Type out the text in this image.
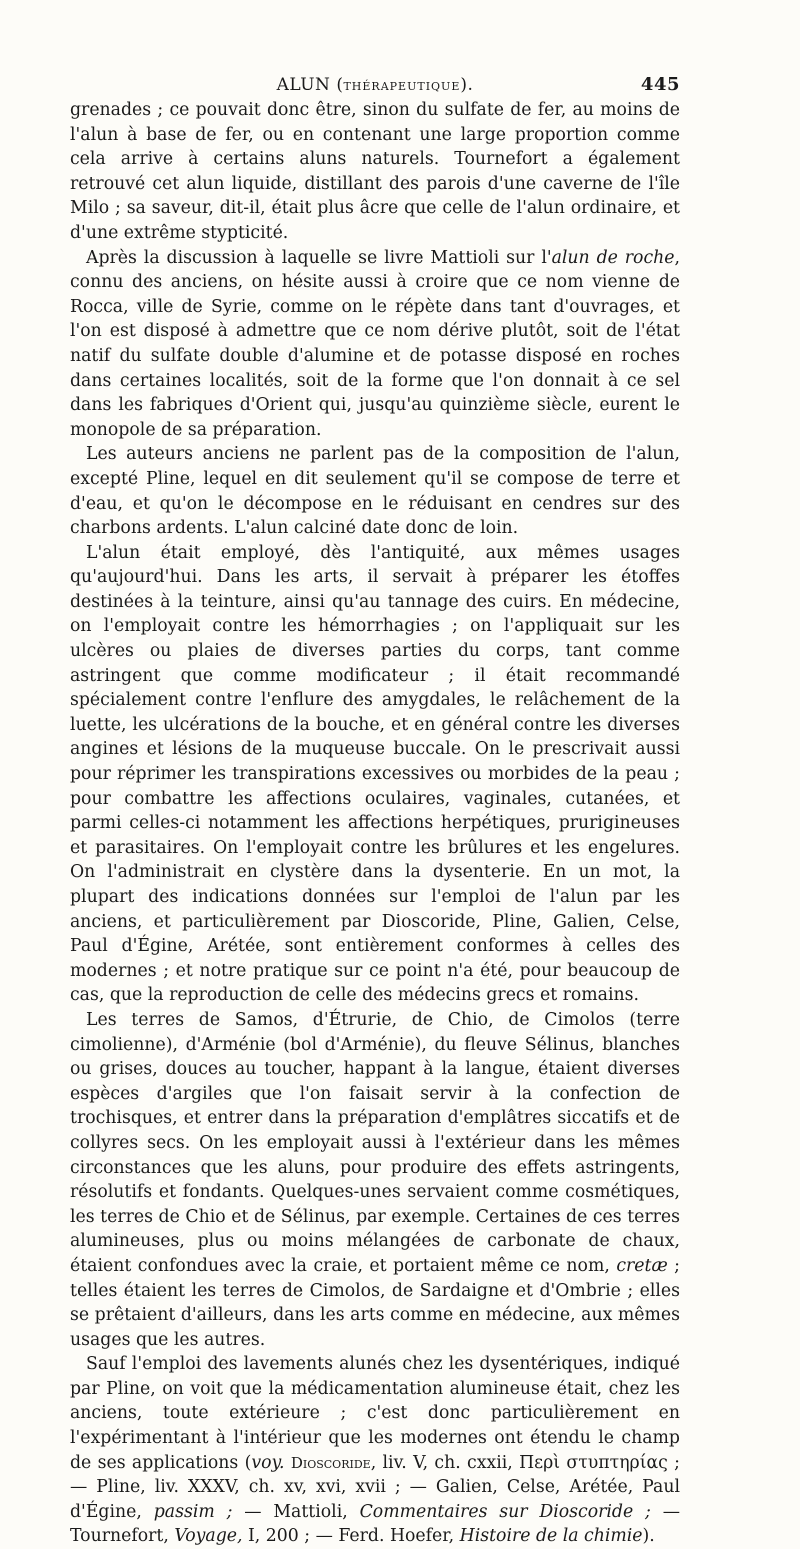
ALUN (THÉRAPEUTIQUE).	445

grenades ; ce pouvait donc être, sinon du sulfate de fer, au moins de l'alun à base de fer, ou en contenant une large proportion comme cela arrive à certains aluns naturels. Tournefort a également retrouvé cet alun liquide, distillant des parois d'une caverne de l'île Milo ; sa saveur, dit-il, était plus âcre que celle de l'alun ordinaire, et d'une extrême stypticité.

Après la discussion à laquelle se livre Mattioli sur l'alun de roche, connu des anciens, on hésite aussi à croire que ce nom vienne de Rocca, ville de Syrie, comme on le répète dans tant d'ouvrages, et l'on est disposé à admettre que ce nom dérive plutôt, soit de l'état natif du sulfate double d'alumine et de potasse disposé en roches dans certaines localités, soit de la forme que l'on donnait à ce sel dans les fabriques d'Orient qui, jusqu'au quinzième siècle, eurent le monopole de sa préparation.

Les auteurs anciens ne parlent pas de la composition de l'alun, excepté Pline, lequel en dit seulement qu'il se compose de terre et d'eau, et qu'on le décompose en le réduisant en cendres sur des charbons ardents. L'alun calciné date donc de loin.

L'alun était employé, dès l'antiquité, aux mêmes usages qu'aujourd'hui. Dans les arts, il servait à préparer les étoffes destinées à la teinture, ainsi qu'au tannage des cuirs. En médecine, on l'employait contre les hémorrhagies ; on l'appliquait sur les ulcères ou plaies de diverses parties du corps, tant comme astringent que comme modificateur ; il était recommandé spécialement contre l'enflure des amygdales, le relâchement de la luette, les ulcérations de la bouche, et en général contre les diverses angines et lésions de la muqueuse buccale. On le prescrivait aussi pour réprimer les transpirations excessives ou morbides de la peau ; pour combattre les affections oculaires, vaginales, cutanées, et parmi celles-ci notamment les affections herpétiques, prurigineuses et parasitaires. On l'employait contre les brûlures et les engelures. On l'administrait en clystère dans la dysenterie. En un mot, la plupart des indications données sur l'emploi de l'alun par les anciens, et particulièrement par Dioscoride, Pline, Galien, Celse, Paul d'Égine, Arétée, sont entièrement conformes à celles des modernes ; et notre pratique sur ce point n'a été, pour beaucoup de cas, que la reproduction de celle des médecins grecs et romains.

Les terres de Samos, d'Étrurie, de Chio, de Cimolos (terre cimolienne), d'Arménie (bol d'Arménie), du fleuve Sélinus, blanches ou grises, douces au toucher, happant à la langue, étaient diverses espèces d'argiles que l'on faisait servir à la confection de trochisques, et entrer dans la préparation d'emplâtres siccatifs et de collyres secs. On les employait aussi à l'extérieur dans les mêmes circonstances que les aluns, pour produire des effets astringents, résolutifs et fondants. Quelques-unes servaient comme cosmétiques, les terres de Chio et de Sélinus, par exemple. Certaines de ces terres alumineuses, plus ou moins mélangées de carbonate de chaux, étaient confondues avec la craie, et portaient même ce nom, cretæ ; telles étaient les terres de Cimolos, de Sardaigne et d'Ombrie ; elles se prêtaient d'ailleurs, dans les arts comme en médecine, aux mêmes usages que les autres.

Sauf l'emploi des lavements alunés chez les dysentériques, indiqué par Pline, on voit que la médicamentation alumineuse était, chez les anciens, toute extérieure ; c'est donc particulièrement en l'expérimentant à l'intérieur que les modernes ont étendu le champ de ses applications (voy. Dioscoride, liv. V, ch. cxxii, Περὶ στυπτηρίας ; — Pline, liv. XXXV, ch. xv, xvi, xvii ; — Galien, Celse, Arétée, Paul d'Égine, passim ; — Mattioli, Commentaires sur Dioscoride ; — Tournefort, Voyage, I, 200 ; — Ferd. Hoefer, Histoire de la chimie).
